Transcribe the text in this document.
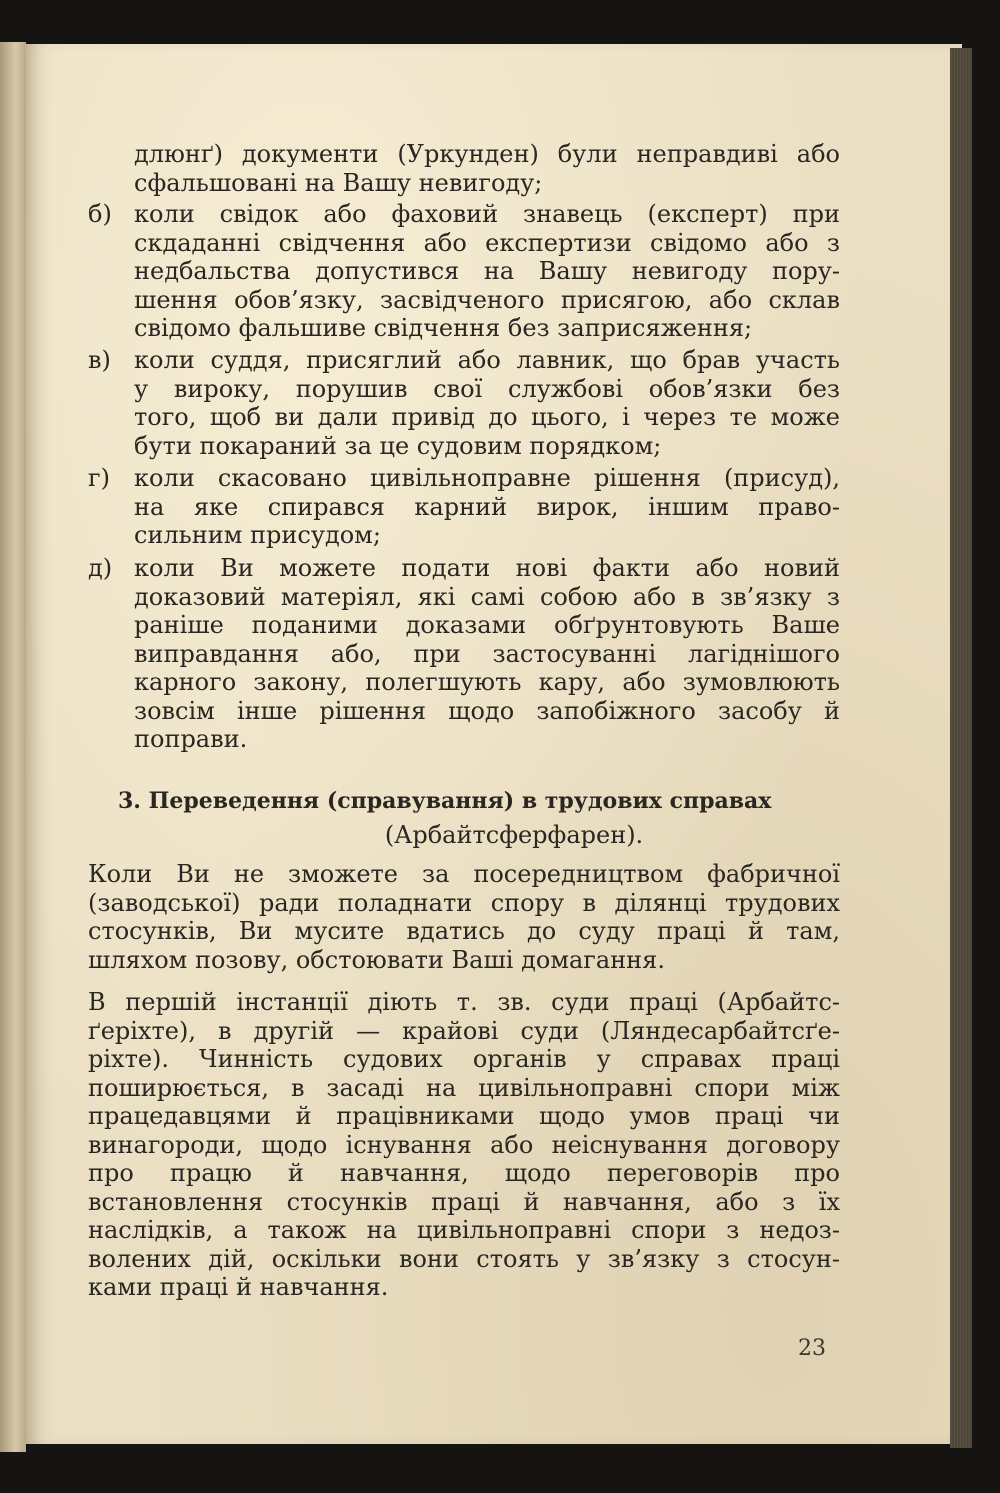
длюнґ) документи (Уркунден) були неправдиві або
сфальшовані на Вашу невигоду;
б) коли свідок або фаховий знавець (експерт) при
скдаданні свідчення або експертизи свідомо або з
недбальства допустився на Вашу невигоду пору-
шення обов’язку, засвідченого присягою, або склав
свідомо фальшиве свідчення без заприсяження;
в) коли суддя, присяглий або лавник, що брав участь
у вироку, порушив свої службові обов’язки без
того, щоб ви дали привід до цього, і через те може
бути покараний за це судовим порядком;
г)	коли скасовано цивільноправне рішення (присуд),
на яке спирався карний вирок, іншим право-
сильним присудом;
д) коли Ви можете подати нові факти або новий
доказовий матеріял, які самі собою або в зв’язку з
раніше поданими доказами обґрунтовують Ваше
виправдання або, при застосуванні лагіднішого
карного закону, полегшують кару, або зумовлюють
зовсім інше рішення щодо запобіжного засобу й
поправи.
3. Переведення (справування) в трудових справах
(Арбайтсферфарен).
Коли Ви не зможете за посередництвом фабричної
(заводської) ради поладнати спору в ділянці трудових
стосунків, Ви мусите вдатись до суду праці й там,
шляхом позову, обстоювати Ваші домагання.
В першій інстанції діють т. зв. суди праці (Арбайтс-
ґеріхте), в другій — крайові суди (Ляндесарбайтсґе-
ріхте). Чинність судових органів у справах праці
поширюється, в засаді на цивільноправні спори між
працедавцями й працівниками щодо умов праці чи
винагороди, щодо існування або неіснування договору
про працю й навчання, щодо переговорів про
встановлення стосунків праці й навчання, або з їх
наслідків, а також на цивільноправні спори з недоз-
волених дій, оскільки вони стоять у зв’язку з стосун-
ками праці й навчання.
23
